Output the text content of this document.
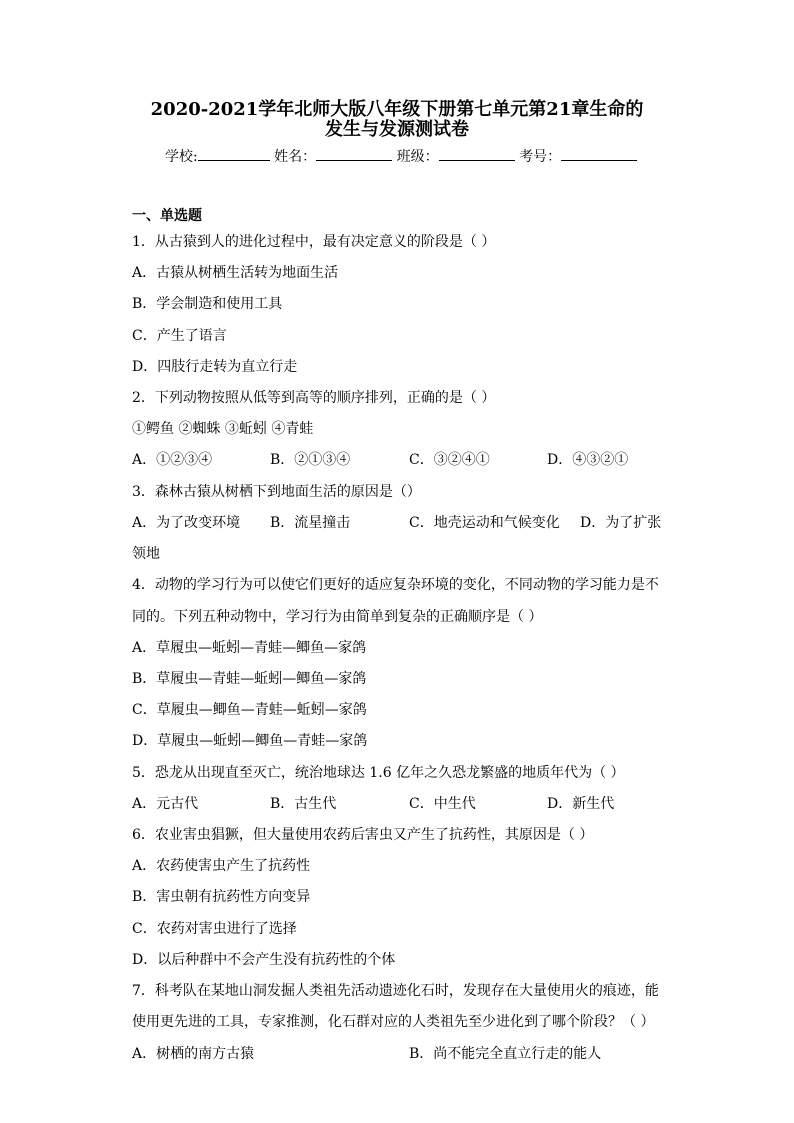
2020-2021学年北师大版八年级下册第七单元第21章生命的
发生与发源测试卷
学校:	姓名：	班级：	考号：
一、单选题
1．从古猿到人的进化过程中，最有决定意义的阶段是（ ）
A．古猿从树栖生活转为地面生活
B．学会制造和使用工具
C．产生了语言
D．四肢行走转为直立行走
2．下列动物按照从低等到高等的顺序排列，正确的是（ ）
①鳄鱼 ②蜘蛛 ③蚯蚓 ④青蛙
A．①②③④	B．②①③④	C．③②④①	D．④③②①
3．森林古猿从树栖下到地面生活的原因是（）
A．为了改变环境 B．流星撞击	C．地壳运动和气候变化 D．为了扩张
领地
4．动物的学习行为可以使它们更好的适应复杂环境的变化，不同动物的学习能力是不
同的。下列五种动物中，学习行为由简单到复杂的正确顺序是（ ）
A．草履虫—蚯蚓—青蛙—鲫鱼—家鸽
B．草履虫—青蛙—蚯蚓—鲫鱼—家鸽
C．草履虫—鲫鱼—青蛙—蚯蚓—家鸽
D．草履虫—蚯蚓—鲫鱼—青蛙—家鸽
5．恐龙从出现直至灭亡，统治地球达 1.6 亿年之久恐龙繁盛的地质年代为（ ）
A．元古代	B．古生代	C．中生代	D．新生代
6．农业害虫猖獗，但大量使用农药后害虫又产生了抗药性，其原因是（ ）
A．农药使害虫产生了抗药性
B．害虫朝有抗药性方向变异
C．农药对害虫进行了选择
D．以后种群中不会产生没有抗药性的个体
7．科考队在某地山洞发掘人类祖先活动遗迹化石时，发现存在大量使用火的痕迹，能
使用更先进的工具，专家推测，化石群对应的人类祖先至少进化到了哪个阶段？（ ）
A．树栖的南方古猿	B．尚不能完全直立行走的能人
